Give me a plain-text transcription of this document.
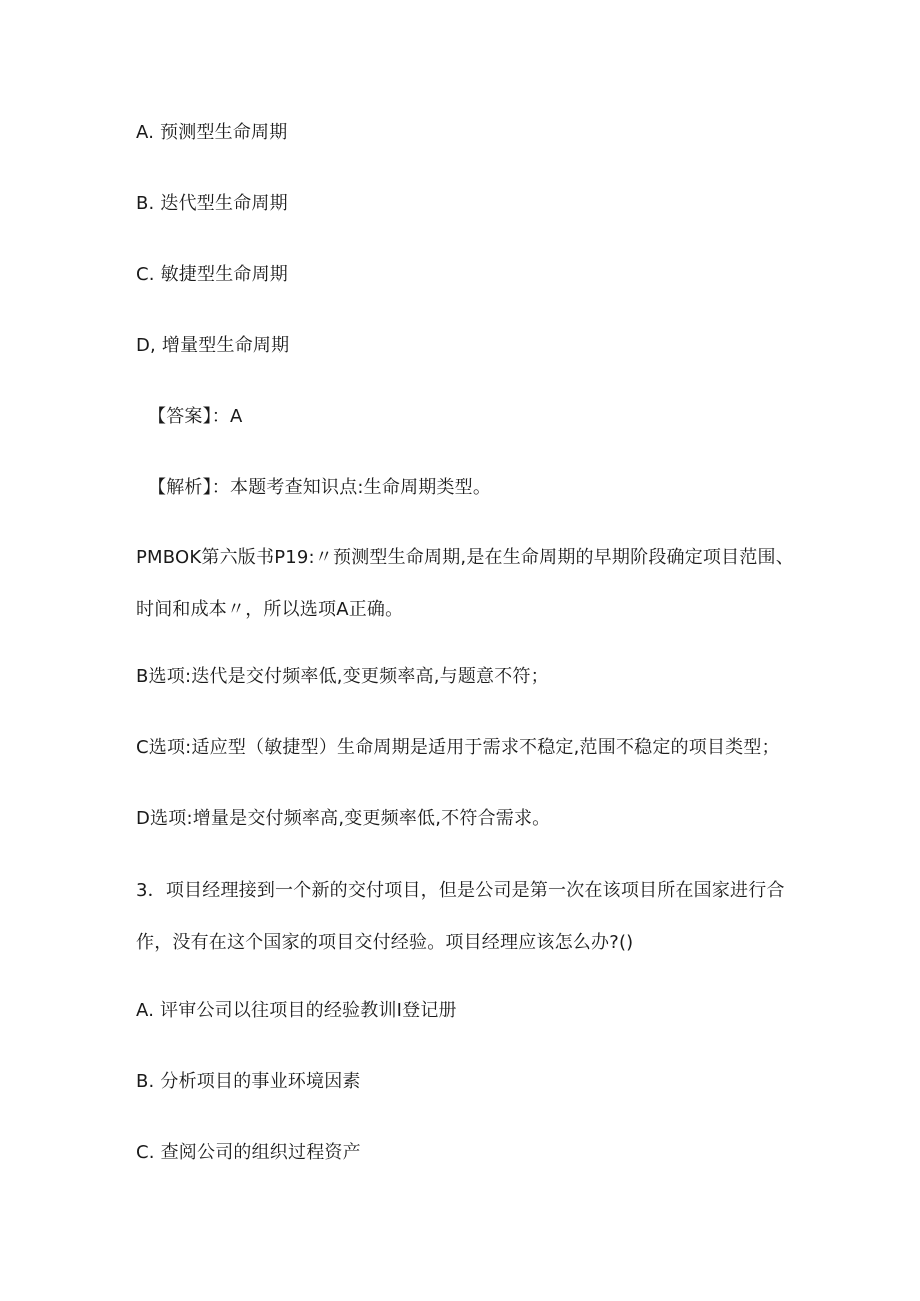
A. 预测型生命周期
B. 迭代型生命周期
C. 敏捷型生命周期
D, 增量型生命周期
【答案】：A
【解析】：本题考查知识点:生命周期类型。
PMBOK第六版书P19:〃预测型生命周期,是在生命周期的早期阶段确定项目范围、时间和成本〃，所以选项A正确。
B选项:迭代是交付频率低,变更频率高,与题意不符；
C选项:适应型（敏捷型）生命周期是适用于需求不稳定,范围不稳定的项目类型；
D选项:增量是交付频率高,变更频率低,不符合需求。
3．项目经理接到一个新的交付项目，但是公司是第一次在该项目所在国家进行合作，没有在这个国家的项目交付经验。项目经理应该怎么办?()
A. 评审公司以往项目的经验教训I登记册
B. 分析项目的事业环境因素
C. 查阅公司的组织过程资产
